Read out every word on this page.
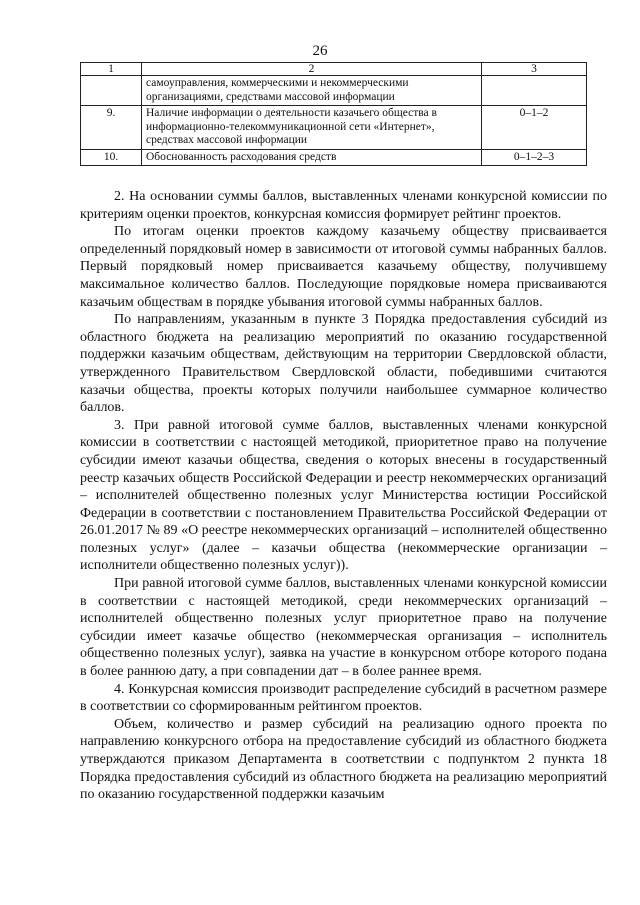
26
1	2	3
	самоуправления, коммерческими и некоммерческими организациями, средствами массовой информации	
9.	Наличие информации о деятельности казачьего общества в информационно-телекоммуникационной сети «Интернет», средствах массовой информации	0–1–2
10.	Обоснованность расходования средств	0–1–2–3

2. На основании суммы баллов, выставленных членами конкурсной комиссии по критериям оценки проектов, конкурсная комиссия формирует рейтинг проектов.

По итогам оценки проектов каждому казачьему обществу присваивается определенный порядковый номер в зависимости от итоговой суммы набранных баллов. Первый порядковый номер присваивается казачьему обществу, получившему максимальное количество баллов. Последующие порядковые номера присваиваются казачьим обществам в порядке убывания итоговой суммы набранных баллов.

По направлениям, указанным в пункте 3 Порядка предоставления субсидий из областного бюджета на реализацию мероприятий по оказанию государственной поддержки казачьим обществам, действующим на территории Свердловской области, утвержденного Правительством Свердловской области, победившими считаются казачьи общества, проекты которых получили наибольшее суммарное количество баллов.

3. При равной итоговой сумме баллов, выставленных членами конкурсной комиссии в соответствии с настоящей методикой, приоритетное право на получение субсидии имеют казачьи общества, сведения о которых внесены в государственный реестр казачьих обществ Российской Федерации и реестр некоммерческих организаций – исполнителей общественно полезных услуг Министерства юстиции Российской Федерации в соответствии с постановлением Правительства Российской Федерации от 26.01.2017 № 89 «О реестре некоммерческих организаций – исполнителей общественно полезных услуг» (далее – казачьи общества (некоммерческие организации – исполнители общественно полезных услуг)).

При равной итоговой сумме баллов, выставленных членами конкурсной комиссии в соответствии с настоящей методикой, среди некоммерческих организаций – исполнителей общественно полезных услуг приоритетное право на получение субсидии имеет казачье общество (некоммерческая организация – исполнитель общественно полезных услуг), заявка на участие в конкурсном отборе которого подана в более раннюю дату, а при совпадении дат – в более раннее время.

4. Конкурсная комиссия производит распределение субсидий в расчетном размере в соответствии со сформированным рейтингом проектов.

Объем, количество и размер субсидий на реализацию одного проекта по направлению конкурсного отбора на предоставление субсидий из областного бюджета утверждаются приказом Департамента в соответствии с подпунктом 2 пункта 18 Порядка предоставления субсидий из областного бюджета на реализацию мероприятий по оказанию государственной поддержки казачьим
